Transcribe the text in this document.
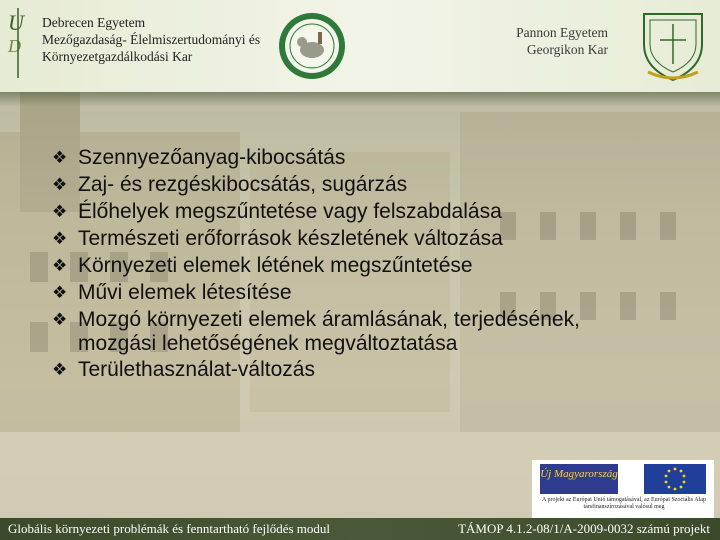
U
D
Debrecen Egyetem
Mezőgazdaság- Élelmiszertudományi és
Környezetgazdálkodási Kar
Pannon Egyetem
Georgikon Kar
❖ Szennyezőanyag-kibocsátás
❖ Zaj- és rezgéskibocsátás, sugárzás
❖ Élőhelyek megszűntetése vagy felszabdalása
❖ Természeti erőforrások készletének változása
❖ Környezeti elemek létének megszűntetése
❖ Művi elemek létesítése
❖ Mozgó környezeti elemek áramlásának, terjedésének, mozgási lehetőségének megváltoztatása
❖ Területhasználat-változás
Új Magyarország
A projekt az Európai Unió támogatásával, az Európai Szociális Alap társfinanszírozásával valósul meg
Globális környezeti problémák és fenntartható fejlődés modul	TÁMOP 4.1.2-08/1/A-2009-0032 számú projekt
